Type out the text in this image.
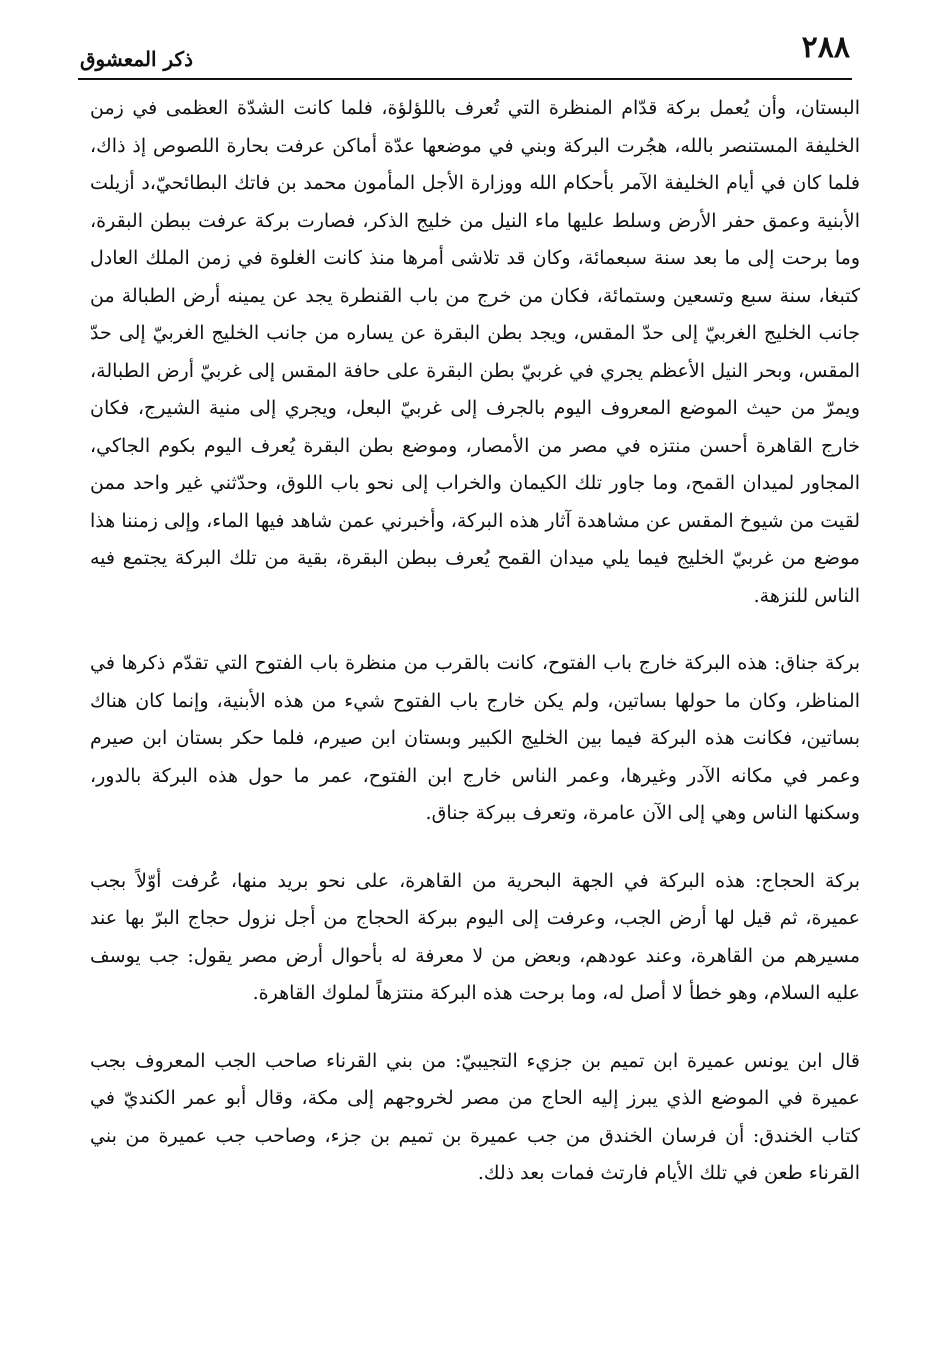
٢٨٨
ذكر المعشوق

البستان، وأن يُعمل بركة قدّام المنظرة التي تُعرف باللؤلؤة، فلما كانت الشدّة العظمى في زمن الخليفة المستنصر بالله، هجُرت البركة وبني في موضعها عدّة أماكن عرفت بحارة اللصوص إذ ذاك، فلما كان في أيام الخليفة الآمر بأحكام الله ووزارة الأجل المأمون محمد بن فاتك البطائحيّ،د أزيلت الأبنية وعمق حفر الأرض وسلط عليها ماء النيل من خليج الذكر، فصارت بركة عرفت ببطن البقرة، وما برحت إلى ما بعد سنة سبعمائة، وكان قد تلاشى أمرها منذ كانت الغلوة في زمن الملك العادل كتبغا، سنة سبع وتسعين وستمائة، فكان من خرج من باب القنطرة يجد عن يمينه أرض الطبالة من جانب الخليج الغربيّ إلى حدّ المقس، ويجد بطن البقرة عن يساره من جانب الخليج الغربيّ إلى حدّ المقس، وبحر النيل الأعظم يجري في غربيّ بطن البقرة على حافة المقس إلى غربيّ أرض الطبالة، ويمرّ من حيث الموضع المعروف اليوم بالجرف إلى غربيّ البعل، ويجري إلى منية الشيرج، فكان خارج القاهرة أحسن منتزه في مصر من الأمصار، وموضع بطن البقرة يُعرف اليوم بكوم الجاكي، المجاور لميدان القمح، وما جاور تلك الكيمان والخراب إلى نحو باب اللوق، وحدّثني غير واحد ممن لقيت من شيوخ المقس عن مشاهدة آثار هذه البركة، وأخبرني عمن شاهد فيها الماء، وإلى زمننا هذا موضع من غربيّ الخليج فيما يلي ميدان القمح يُعرف ببطن البقرة، بقية من تلك البركة يجتمع فيه الناس للنزهة.

بركة جناق: هذه البركة خارج باب الفتوح، كانت بالقرب من منظرة باب الفتوح التي تقدّم ذكرها في المناظر، وكان ما حولها بساتين، ولم يكن خارج باب الفتوح شيء من هذه الأبنية، وإنما كان هناك بساتين، فكانت هذه البركة فيما بين الخليج الكبير وبستان ابن صيرم، فلما حكر بستان ابن صيرم وعمر في مكانه الآدر وغيرها، وعمر الناس خارج ابن الفتوح، عمر ما حول هذه البركة بالدور، وسكنها الناس وهي إلى الآن عامرة، وتعرف ببركة جناق.

بركة الحجاج: هذه البركة في الجهة البحرية من القاهرة، على نحو بريد منها، عُرفت أوّلاً بجب عميرة، ثم قيل لها أرض الجب، وعرفت إلى اليوم ببركة الحجاج من أجل نزول حجاج البرّ بها عند مسيرهم من القاهرة، وعند عودهم، وبعض من لا معرفة له بأحوال أرض مصر يقول: جب يوسف عليه السلام، وهو خطأ لا أصل له، وما برحت هذه البركة منتزهاً لملوك القاهرة.

قال ابن يونس عميرة ابن تميم بن جزيء التجيبيّ: من بني القرناء صاحب الجب المعروف بجب عميرة في الموضع الذي يبرز إليه الحاج من مصر لخروجهم إلى مكة، وقال أبو عمر الكنديّ في كتاب الخندق: أن فرسان الخندق من جب عميرة بن تميم بن جزء، وصاحب جب عميرة من بني القرناء طعن في تلك الأيام فارتث فمات بعد ذلك.
